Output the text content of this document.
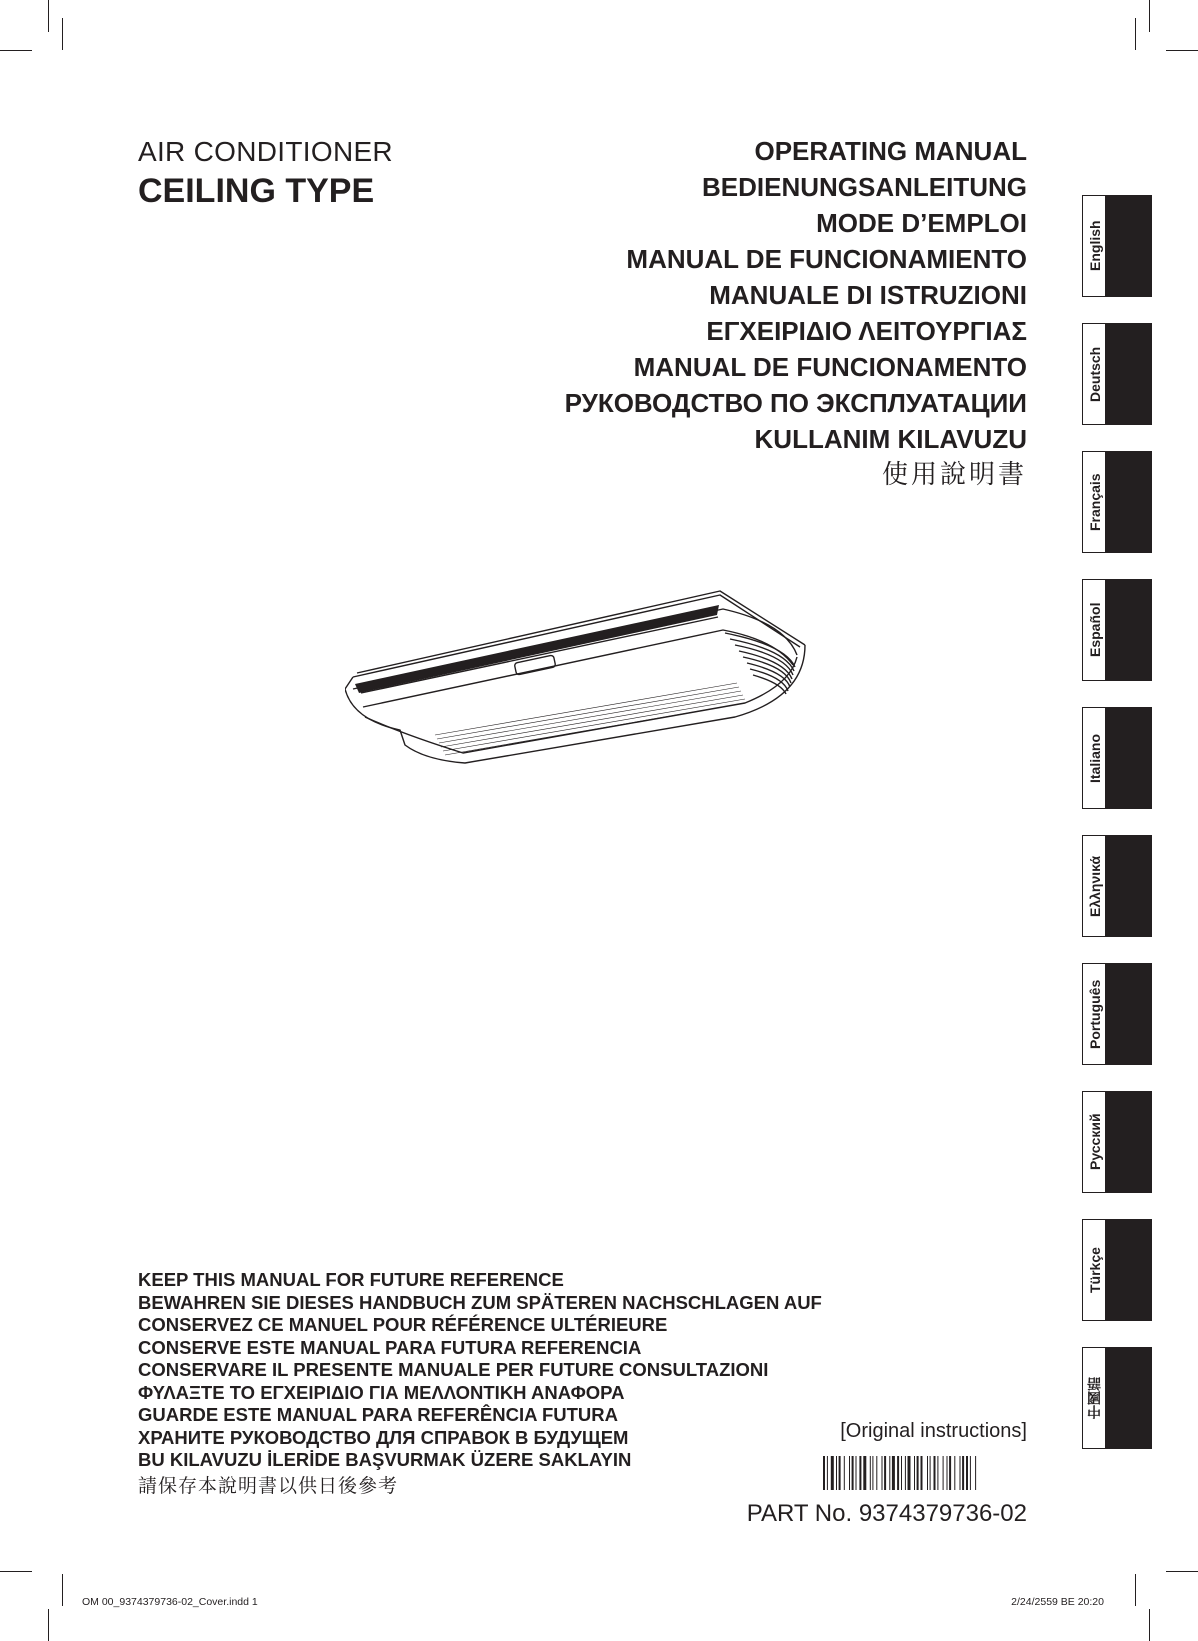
AIR CONDITIONER
CEILING TYPE
OPERATING MANUAL
BEDIENUNGSANLEITUNG
MODE D’EMPLOI
MANUAL DE FUNCIONAMIENTO
MANUALE DI ISTRUZIONI
ΕΓΧΕΙΡΙΔΙΟ ΛΕΙΤΟΥΡΓΙΑΣ
MANUAL DE FUNCIONAMENTO
РУКОВОДСТВО ПО ЭКСПЛУАТАЦИИ
KULLANIM KILAVUZU
使用說明書
English
Deutsch
Français
Español
Italiano
Ελληνικά
Português
Русский
Türkçe
中國語
KEEP THIS MANUAL FOR FUTURE REFERENCE
BEWAHREN SIE DIESES HANDBUCH ZUM SPÄTEREN NACHSCHLAGEN AUF
CONSERVEZ CE MANUEL POUR RÉFÉRENCE ULTÉRIEURE
CONSERVE ESTE MANUAL PARA FUTURA REFERENCIA
CONSERVARE IL PRESENTE MANUALE PER FUTURE CONSULTAZIONI
ΦΥΛΑΞΤΕ ΤΟ ΕΓΧΕΙΡΙΔΙΟ ΓΙΑ ΜΕΛΛΟΝΤΙΚΗ ΑΝΑΦΟΡΑ
GUARDE ESTE MANUAL PARA REFERÊNCIA FUTURA
ХРАНИТЕ РУКОВОДСТВО ДЛЯ СПРАВОК В БУДУЩЕМ
BU KILAVUZU İLERİDE BAŞVURMAK ÜZERE SAKLAYIN
請保存本說明書以供日後參考
[Original instructions]
PART No. 9374379736-02
OM 00_9374379736-02_Cover.indd 1	2/24/2559 BE 20:20
